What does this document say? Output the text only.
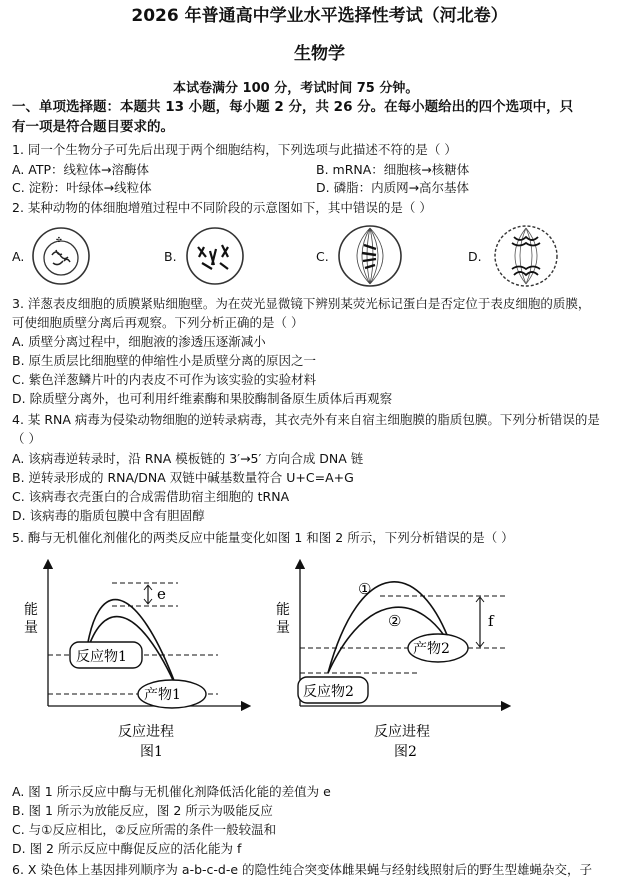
2026 年普通高中学业水平选择性考试（河北卷）
生物学
本试卷满分 100 分，考试时间 75 分钟。
一、单项选择题：本题共 13 小题，每小题 2 分，共 26 分。在每小题给出的四个选项中，只
有一项是符合题目要求的。
1. 同一个生物分子可先后出现于两个细胞结构，下列选项与此描述不符的是（ ）
A. ATP：线粒体→溶酶体	B. mRNA：细胞核→核糖体
C. 淀粉：叶绿体→线粒体	D. 磷脂：内质网→高尔基体
2. 某种动物的体细胞增殖过程中不同阶段的示意图如下，其中错误的是（ ）
A.	B.	C.	D.
✣
3. 洋葱表皮细胞的质膜紧贴细胞壁。为在荧光显微镜下辨别某荧光标记蛋白是否定位于表皮细胞的质膜，
可使细胞质壁分离后再观察。下列分析正确的是（ ）
A. 质壁分离过程中，细胞液的渗透压逐渐减小
B. 原生质层比细胞壁的伸缩性小是质壁分离的原因之一
C. 紫色洋葱鳞片叶的内表皮不可作为该实验的实验材料
D. 除质壁分离外，也可利用纤维素酶和果胶酶制备原生质体后再观察
4. 某 RNA 病毒为侵染动物细胞的逆转录病毒，其衣壳外有来自宿主细胞膜的脂质包膜。下列分析错误的是
（ ）
A. 该病毒逆转录时，沿 RNA 模板链的 3′→5′ 方向合成 DNA 链
B. 逆转录形成的 RNA/DNA 双链中碱基数量符合 U+C=A+G
C. 该病毒衣壳蛋白的合成需借助宿主细胞的 tRNA
D. 该病毒的脂质包膜中含有胆固醇
5. 酶与无机催化剂催化的两类反应中能量变化如图 1 和图 2 所示，下列分析错误的是（ ）
e
反应物1
产物1
能
量
反应进程
图1
f
①
②
产物2
反应物2
能
量
反应进程
图2
A. 图 1 所示反应中酶与无机催化剂降低活化能的差值为 e
B. 图 1 所示为放能反应，图 2 所示为吸能反应
C. 与①反应相比，②反应所需的条件一般较温和
D. 图 2 所示反应中酶促反应的活化能为 f
6. X 染色体上基因排列顺序为 a-b-c-d-e 的隐性纯合突变体雌果蝇与经射线照射后的野生型雄蝇杂交，子
